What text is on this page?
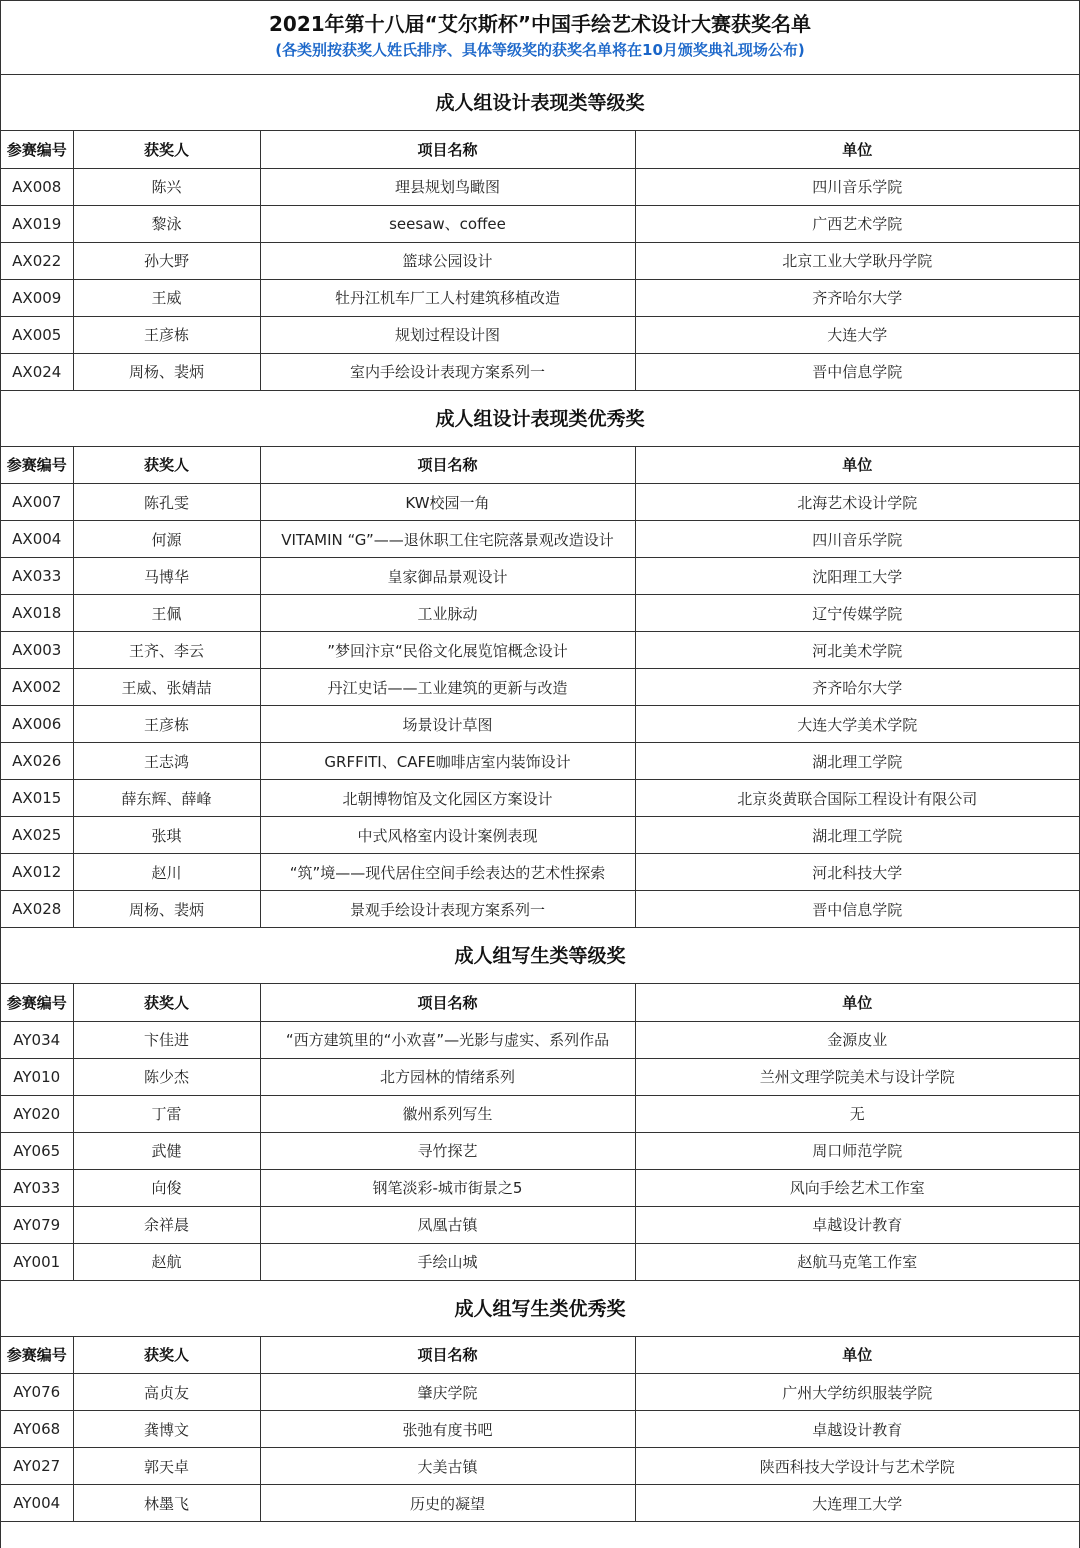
2021年第十八届“艾尔斯杯”中国手绘艺术设计大赛获奖名单
(各类别按获奖人姓氏排序、具体等级奖的获奖名单将在10月颁奖典礼现场公布)
成人组设计表现类等级奖
参赛编号	获奖人	项目名称	单位
AX008	陈兴	理县规划鸟瞰图	四川音乐学院
AX019	黎泳	seesaw、coffee	广西艺术学院
AX022	孙大野	篮球公园设计	北京工业大学耿丹学院
AX009	王威	牡丹江机车厂工人村建筑移植改造	齐齐哈尔大学
AX005	王彦栋	规划过程设计图	大连大学
AX024	周杨、裴炳	室内手绘设计表现方案系列一	晋中信息学院
成人组设计表现类优秀奖
参赛编号	获奖人	项目名称	单位
AX007	陈孔雯	KW校园一角	北海艺术设计学院
AX004	何源	VITAMIN “G”——退休职工住宅院落景观改造设计	四川音乐学院
AX033	马博华	皇家御品景观设计	沈阳理工大学
AX018	王佩	工业脉动	辽宁传媒学院
AX003	王齐、李云	”梦回汴京“民俗文化展览馆概念设计	河北美术学院
AX002	王威、张婧喆	丹江史话——工业建筑的更新与改造	齐齐哈尔大学
AX006	王彦栋	场景设计草图	大连大学美术学院
AX026	王志鸿	GRFFITI、CAFE咖啡店室内装饰设计	湖北理工学院
AX015	薛东辉、薛峰	北朝博物馆及文化园区方案设计	北京炎黄联合国际工程设计有限公司
AX025	张琪	中式风格室内设计案例表现	湖北理工学院
AX012	赵川	“筑”境——现代居住空间手绘表达的艺术性探索	河北科技大学
AX028	周杨、裴炳	景观手绘设计表现方案系列一	晋中信息学院
成人组写生类等级奖
参赛编号	获奖人	项目名称	单位
AY034	卞佳进	“西方建筑里的“小欢喜”—光影与虚实、系列作品	金源皮业
AY010	陈少杰	北方园林的情绪系列	兰州文理学院美术与设计学院
AY020	丁雷	徽州系列写生	无
AY065	武健	寻竹探艺	周口师范学院
AY033	向俊	钢笔淡彩-城市街景之5	风向手绘艺术工作室
AY079	余祥晨	凤凰古镇	卓越设计教育
AY001	赵航	手绘山城	赵航马克笔工作室
成人组写生类优秀奖
参赛编号	获奖人	项目名称	单位
AY076	高贞友	肇庆学院	广州大学纺织服装学院
AY068	龚博文	张弛有度书吧	卓越设计教育
AY027	郭天卓	大美古镇	陕西科技大学设计与艺术学院
AY004	林墨飞	历史的凝望	大连理工大学
